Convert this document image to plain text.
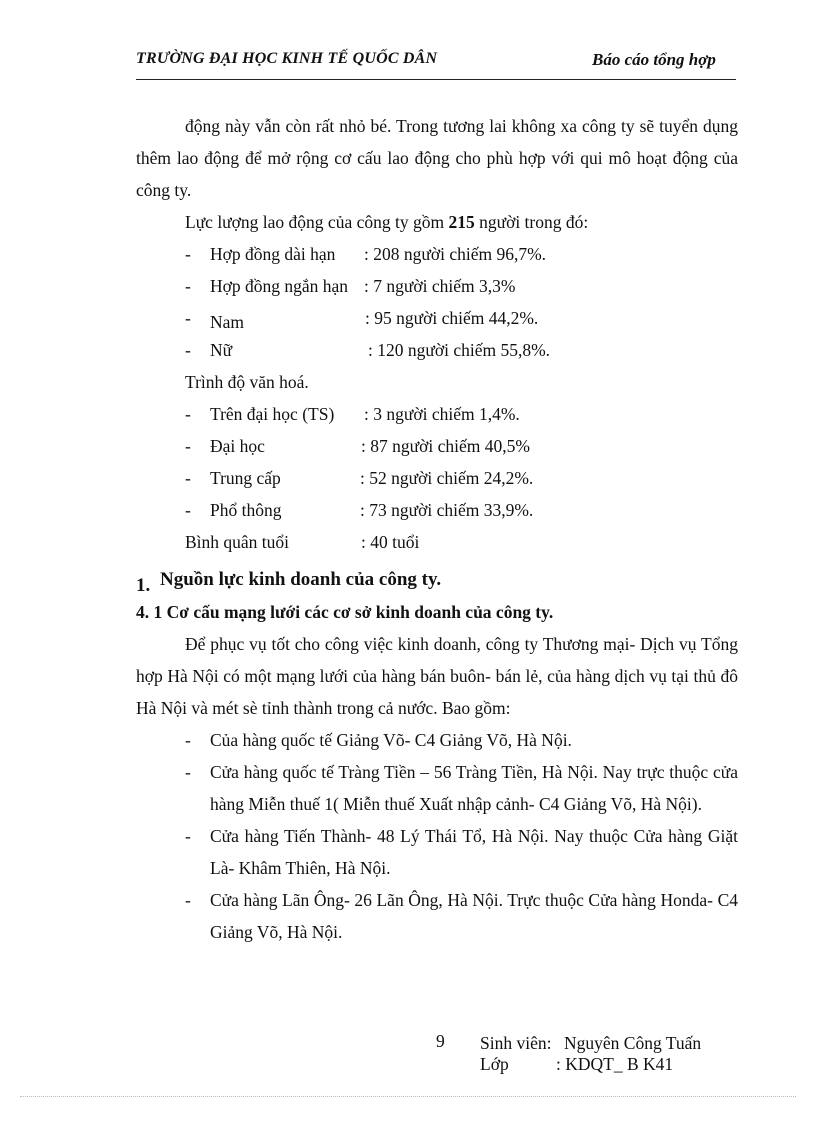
TRƯỜNG ĐẠI HỌC KINH TẾ QUỐC DÂN	Báo cáo tổng hợp

động này vẫn còn rất nhỏ bé. Trong tương lai không xa công ty sẽ tuyển dụng thêm lao động để mở rộng cơ cấu lao động cho phù hợp với qui mô hoạt động của công ty.

Lực lượng lao động của công ty gồm 215 người trong đó:

- Hợp đồng dài hạn : 208 người chiếm 96,7%.
- Hợp đồng ngắn hạn : 7 người chiếm 3,3%
- Nam	: 95 người chiếm 44,2%.
- Nữ	: 120 người chiếm 55,8%.

Trình độ văn hoá.

- Trên đại học (TS) : 3 người chiếm 1,4%.
- Đại học	: 87 người chiếm 40,5%
- Trung cấp	: 52 người chiếm 24,2%.
- Phổ thông	: 73 người chiếm 33,9%.
Bình quân tuổi	: 40 tuổi
1. Nguồn lực kinh doanh của công ty.

4. 1 Cơ cấu mạng lưới các cơ sở kinh doanh của công ty.

Để phục vụ tốt cho công việc kinh doanh, công ty Thương mại- Dịch vụ Tổng hợp Hà Nội có một mạng lưới của hàng bán buôn- bán lẻ, của hàng dịch vụ tại thủ đô Hà Nội và mét sè tỉnh thành trong cả nước. Bao gồm:

- Của hàng quốc tế Giảng Võ- C4 Giảng Võ, Hà Nội.
- Cửa hàng quốc tế Tràng Tiền – 56 Tràng Tiền, Hà Nội. Nay trực thuộc cửa hàng Miễn thuế 1( Miễn thuế Xuất nhập cảnh- C4 Giảng Võ, Hà Nội).
- Cửa hàng Tiến Thành- 48 Lý Thái Tổ, Hà Nội. Nay thuộc Cửa hàng Giặt Là- Khâm Thiên, Hà Nội.
- Cửa hàng Lãn Ông- 26 Lãn Ông, Hà Nội. Trực thuộc Cửa hàng Honda- C4 Giảng Võ, Hà Nội.
9 Sinh viên: Nguyên Công Tuấn
Lớp	: KDQT_ B K41
